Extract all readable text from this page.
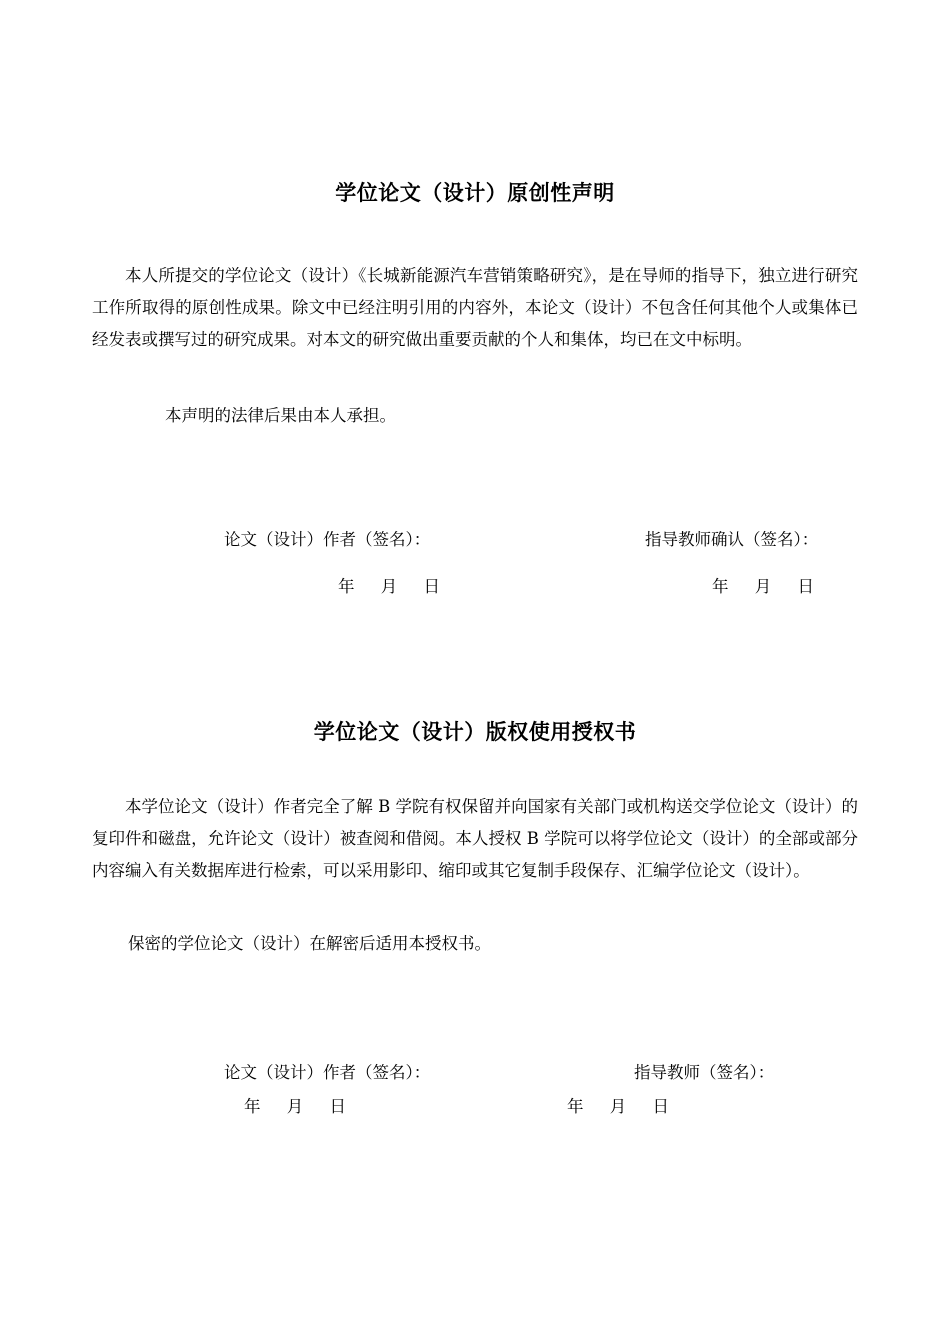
学位论文（设计）原创性声明

本人所提交的学位论文（设计）《长城新能源汽车营销策略研究》，是在导师的指导下，独立进行研究工作所取得的原创性成果。除文中已经注明引用的内容外，本论文（设计）不包含任何其他个人或集体已经发表或撰写过的研究成果。对本文的研究做出重要贡献的个人和集体，均已在文中标明。

本声明的法律后果由本人承担。
论文（设计）作者（签名）：	指导教师确认（签名）：
年     月     日	年     月     日
学位论文（设计）版权使用授权书

本学位论文（设计）作者完全了解 B 学院有权保留并向国家有关部门或机构送交学位论文（设计）的复印件和磁盘，允许论文（设计）被查阅和借阅。本人授权 B 学院可以将学位论文（设计）的全部或部分内容编入有关数据库进行检索，可以采用影印、缩印或其它复制手段保存、汇编学位论文（设计）。

保密的学位论文（设计）在解密后适用本授权书。
论文（设计）作者（签名）：	指导教师（签名）：
年     月     日	年     月     日
